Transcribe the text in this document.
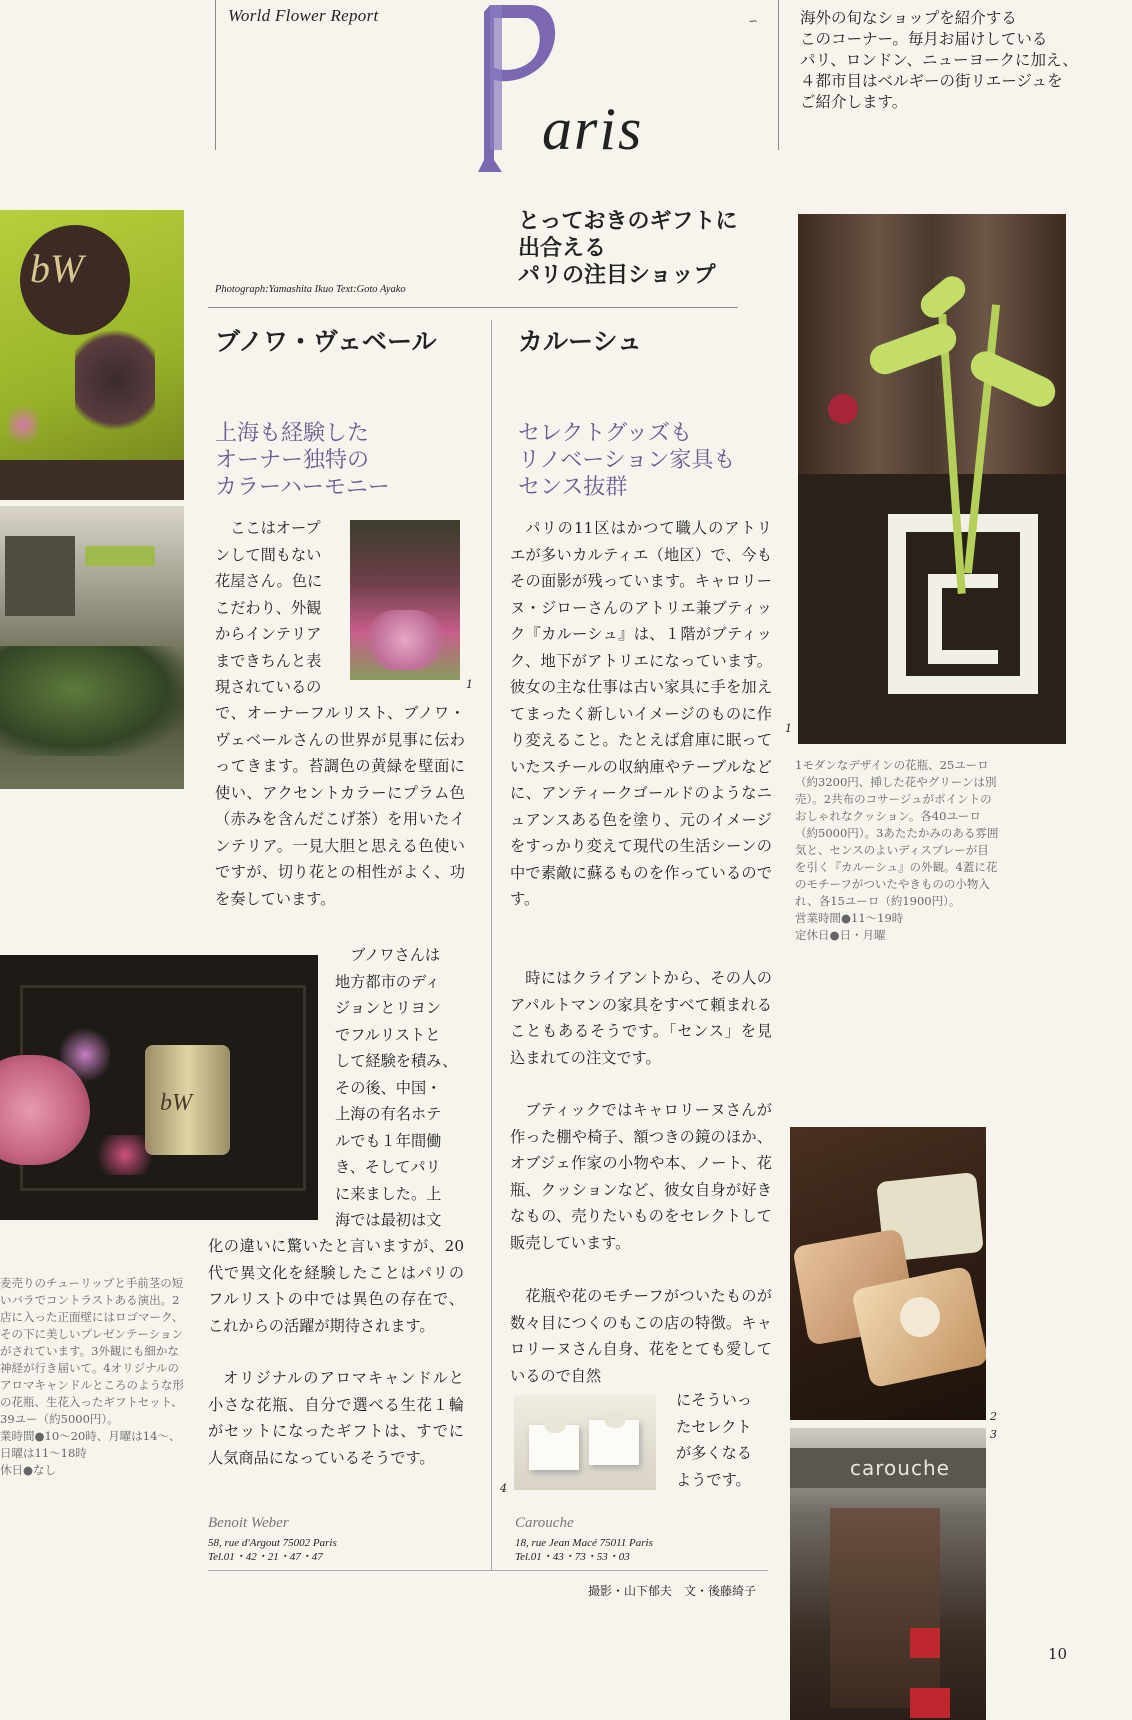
World Flower Report	∽
aris
海外の旬なショップを紹介する
このコーナー。毎月お届けしている
パリ、ロンドン、ニューヨークに加え、
４都市目はベルギーの街リエージュを
ご紹介します。
とっておきのギフトに
出合える
パリの注目ショップ
Photograph:Yamashita Ikuo Text:Goto Ayako
bW
bW
麦売りのチューリップと手前茎の短いバラでコントラストある演出。2店に入った正面壁にはロゴマーク、その下に美しいプレゼンテーションがされています。3外観にも細かな神経が行き届いて。4オリジナルのアロマキャンドルところのような形の花瓶、生花入ったギフトセット、39ユー（約5000円）。
業時間●10～20時、月曜は14～、日曜は11～18時
休日●なし
ブノワ・ヴェベール
上海も経験した
オーナー独特の
カラーハーモニー
1
ここはオープ
ンして間もない
花屋さん。色に
こだわり、外観
からインテリア
まできちんと表
現されているの
で、オーナーフルリスト、ブノワ・ヴェベールさんの世界が見事に伝わってきます。苔調色の黄緑を壁面に使い、アクセントカラーにプラム色（赤みを含んだこげ茶）を用いたインテリア。一見大胆と思える色使いですが、切り花との相性がよく、功を奏しています。
ブノワさんは
地方都市のディ
ジョンとリヨン
でフルリストと
して経験を積み、
その後、中国・
上海の有名ホテ
ルでも１年間働
き、そしてパリ
に来ました。上
海では最初は文
化の違いに驚いたと言いますが、20代で異文化を経験したことはパリのフルリストの中では異色の存在で、これからの活躍が期待されます。
オリジナルのアロマキャンドルと小さな花瓶、自分で選べる生花１輪がセットになったギフトは、すでに人気商品になっているそうです。
Benoit Weber
58, rue d'Argout 75002 Paris
Tel.01・42・21・47・47
カルーシュ
セレクトグッズも
リノベーション家具も
センス抜群
パリの11区はかつて職人のアトリエが多いカルティエ（地区）で、今もその面影が残っています。キャロリーヌ・ジローさんのアトリエ兼ブティック『カルーシュ』は、１階がブティック、地下がアトリエになっています。彼女の主な仕事は古い家具に手を加えてまったく新しいイメージのものに作り変えること。たとえば倉庫に眠っていたスチールの収納庫やテーブルなどに、アンティークゴールドのようなニュアンスある色を塗り、元のイメージをすっかり変えて現代の生活シーンの中で素敵に蘇るものを作っているのです。
時にはクライアントから、その人のアパルトマンの家具をすべて頼まれることもあるそうです。「センス」を見込まれての注文です。
ブティックではキャロリーヌさんが作った棚や椅子、額つきの鏡のほか、オブジェ作家の小物や本、ノート、花瓶、クッションなど、彼女自身が好きなもの、売りたいものをセレクトして販売しています。
花瓶や花のモチーフがついたものが数々目につくのもこの店の特徴。キャロリーヌさん自身、花をとても愛しているので自然
4
にそういっ
たセレクト
が多くなる
ようです。
Carouche
18, rue Jean Macé 75011 Paris
Tel.01・43・73・53・03
撮影・山下郁夫　文・後藤綺子
1
1モダンなデザインの花瓶、25ユーロ（約3200円、挿した花やグリーンは別売）。2共布のコサージュがポイントのおしゃれなクッション。各40ユーロ（約5000円）。3あたたかみのある雰囲気と、センスのよいディスプレーが目を引く『カルーシュ』の外観。4蓋に花のモチーフがついたやきものの小物入れ、各15ユーロ（約1900円）。
営業時間●11～19時
定休日●日・月曜
2
carouche
3
10
